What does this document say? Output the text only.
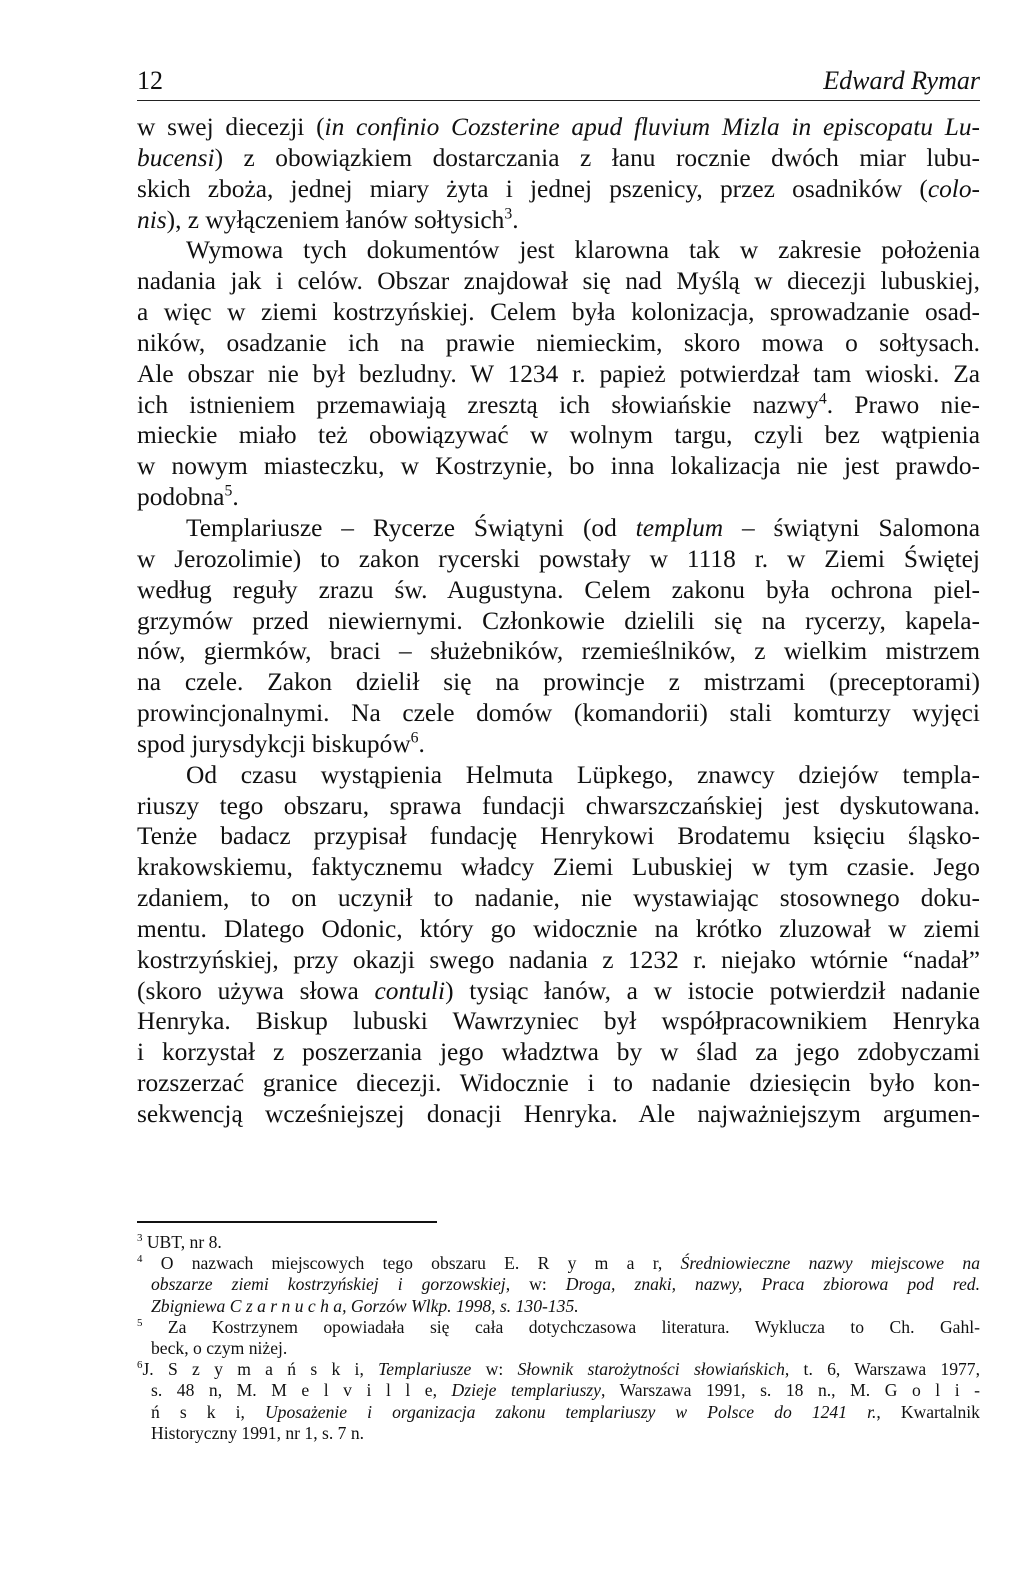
12	Edward Rymar
w swej diecezji (in confinio Cozsterine apud fluvium Mizla in episcopatu Lu-
bucensi) z obowiązkiem dostarczania z łanu rocznie dwóch miar lubu-
skich zboża, jednej miary żyta i jednej pszenicy, przez osadników (colo-
nis), z wyłączeniem łanów sołtysich$^3$.
Wymowa tych dokumentów jest klarowna tak w zakresie położenia
nadania jak i celów. Obszar znajdował się nad Myślą w diecezji lubuskiej,
a więc w ziemi kostrzyńskiej. Celem była kolonizacja, sprowadzanie osad-
ników, osadzanie ich na prawie niemieckim, skoro mowa o sołtysach.
Ale obszar nie był bezludny. W 1234 r. papież potwierdzał tam wioski. Za
ich istnieniem przemawiają zresztą ich słowiańskie nazwy$^4$. Prawo nie-
mieckie miało też obowiązywać w wolnym targu, czyli bez wątpienia
w nowym miasteczku, w Kostrzynie, bo inna lokalizacja nie jest prawdo-
podobna$^5$.
Templariusze – Rycerze Świątyni (od templum – świątyni Salomona
w Jerozolimie) to zakon rycerski powstały w 1118 r. w Ziemi Świętej
według reguły zrazu św. Augustyna. Celem zakonu była ochrona piel-
grzymów przed niewiernymi. Członkowie dzielili się na rycerzy, kapela-
nów, giermków, braci – służebników, rzemieślników, z wielkim mistrzem
na czele. Zakon dzielił się na prowincje z mistrzami (preceptorami)
prowincjonalnymi. Na czele domów (komandorii) stali komturzy wyjęci
spod jurysdykcji biskupów$^6$.
Od czasu wystąpienia Helmuta Lüpkego, znawcy dziejów templa-
riuszy tego obszaru, sprawa fundacji chwarszczańskiej jest dyskutowana.
Tenże badacz przypisał fundację Henrykowi Brodatemu księciu śląsko-
krakowskiemu, faktycznemu władcy Ziemi Lubuskiej w tym czasie. Jego
zdaniem, to on uczynił to nadanie, nie wystawiając stosownego doku-
mentu. Dlatego Odonic, który go widocznie na krótko zluzował w ziemi
kostrzyńskiej, przy okazji swego nadania z 1232 r. niejako wtórnie “nadał”
(skoro używa słowa contuli) tysiąc łanów, a w istocie potwierdził nadanie
Henryka. Biskup lubuski Wawrzyniec był współpracownikiem Henryka
i korzystał z poszerzania jego władztwa by w ślad za jego zdobyczami
rozszerzać granice diecezji. Widocznie i to nadanie dziesięcin było kon-
sekwencją wcześniejszej donacji Henryka. Ale najważniejszym argumen-
$^3$ UBT, nr 8.
$^4$ O nazwach miejscowych tego obszaru E. R y m a r, Średniowieczne nazwy miejscowe na
obszarze ziemi kostrzyńskiej i gorzowskiej, w: Droga, znaki, nazwy, Praca zbiorowa pod red.
Zbigniewa C z a r n u c h a, Gorzów Wlkp. 1998, s. 130-135.
$^5$ Za Kostrzynem opowiadała się cała dotychczasowa literatura. Wyklucza to Ch. Gahl-
beck, o czym niżej.
$^6$J. S z y m a ń s k i, Templariusze w: Słownik starożytności słowiańskich, t. 6, Warszawa 1977,
s. 48 n, M. M e l v i l l e, Dzieje templariuszy, Warszawa 1991, s. 18 n., M. G o l i -
ń s k i, Uposażenie i organizacja zakonu templariuszy w Polsce do 1241 r., Kwartalnik
Historyczny 1991, nr 1, s. 7 n.
